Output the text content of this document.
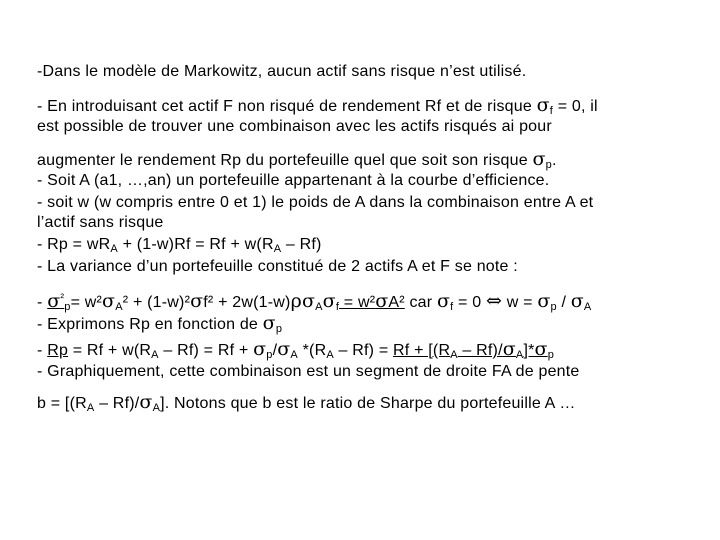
-Dans le modèle de Markowitz, aucun actif sans risque n’est utilisé.
- En introduisant cet actif F non risqué de rendement Rf et de risque $\sigma_f = 0$, il
est possible de trouver une combinaison avec les actifs risqués ai pour
augmenter le rendement Rp du portefeuille quel que soit son risque $\sigma_p$.
- Soit A (a1, …,an) un portefeuille appartenant à la courbe d’efficience.
- soit w (w compris entre 0 et 1) le poids de A dans la combinaison entre A et
l’actif sans risque
- $Rp = wR_A + (1-w)Rf = Rf + w(R_A - Rf)$
- La variance d’un portefeuille constitué de 2 actifs A et F se note :
- $\sigma^{^2}_p= w^2\sigma_A^2 + (1-w)^2\sigma f^2 + 2w(1-w)\rho\sigma_A\sigma_f = w^2\sigma A^2$ car $\sigma_f = 0$ ⇔ $w = \sigma_p / \sigma_A$
- Exprimons Rp en fonction de $\sigma_p$
- $Rp = Rf + w(R_A - Rf) = Rf + \sigma_p/\sigma_A$ $*(R_A - Rf) = Rf + [(R_A - Rf)/\sigma_A]*\sigma_p$
- Graphiquement, cette combinaison est un segment de droite FA de pente
$b = [(R_A - Rf)/\sigma_A]$. Notons que b est le ratio de Sharpe du portefeuille A …
